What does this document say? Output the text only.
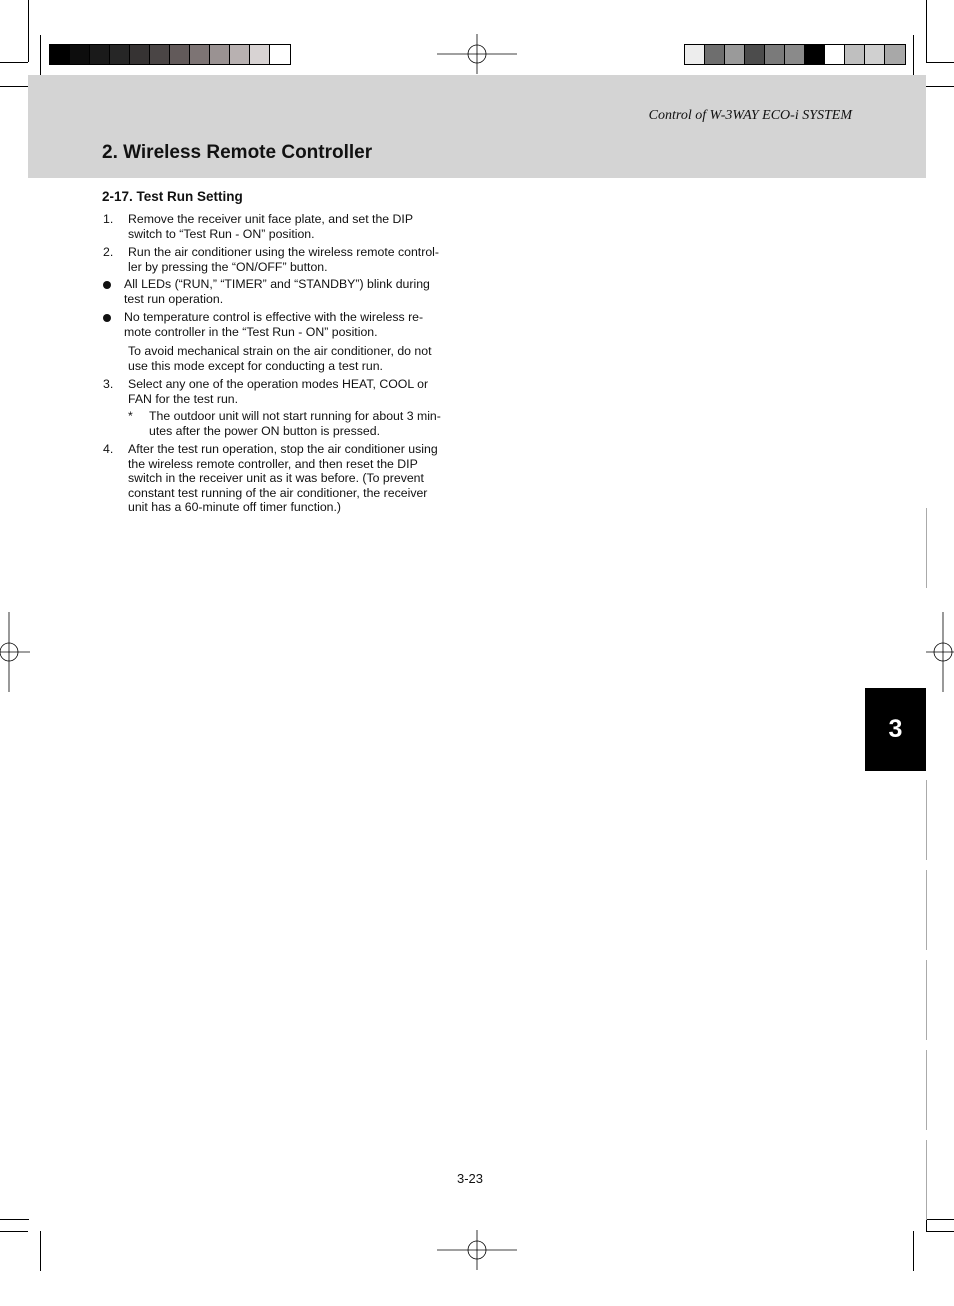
Control of W-3WAY ECO-i SYSTEM
2. Wireless Remote Controller
2-17. Test Run Setting
1. Remove the receiver unit face plate, and set the DIP
switch to “Test Run - ON” position.
2. Run the air conditioner using the wireless remote control-
ler by pressing the “ON/OFF” button.
All LEDs (“RUN,” “TIMER” and “STANDBY”) blink during
test run operation.
No temperature control is effective with the wireless re-
mote controller in the “Test Run - ON” position.
To avoid mechanical strain on the air conditioner, do not
use this mode except for conducting a test run.
3. Select any one of the operation modes HEAT, COOL or
FAN for the test run.
* The outdoor unit will not start running for about 3 min-
utes after the power ON button is pressed.
4. After the test run operation, stop the air conditioner using
the wireless remote controller, and then reset the DIP
switch in the receiver unit as it was before. (To prevent
constant test running of the air conditioner, the receiver
unit has a 60-minute off timer function.)
3
3-23
